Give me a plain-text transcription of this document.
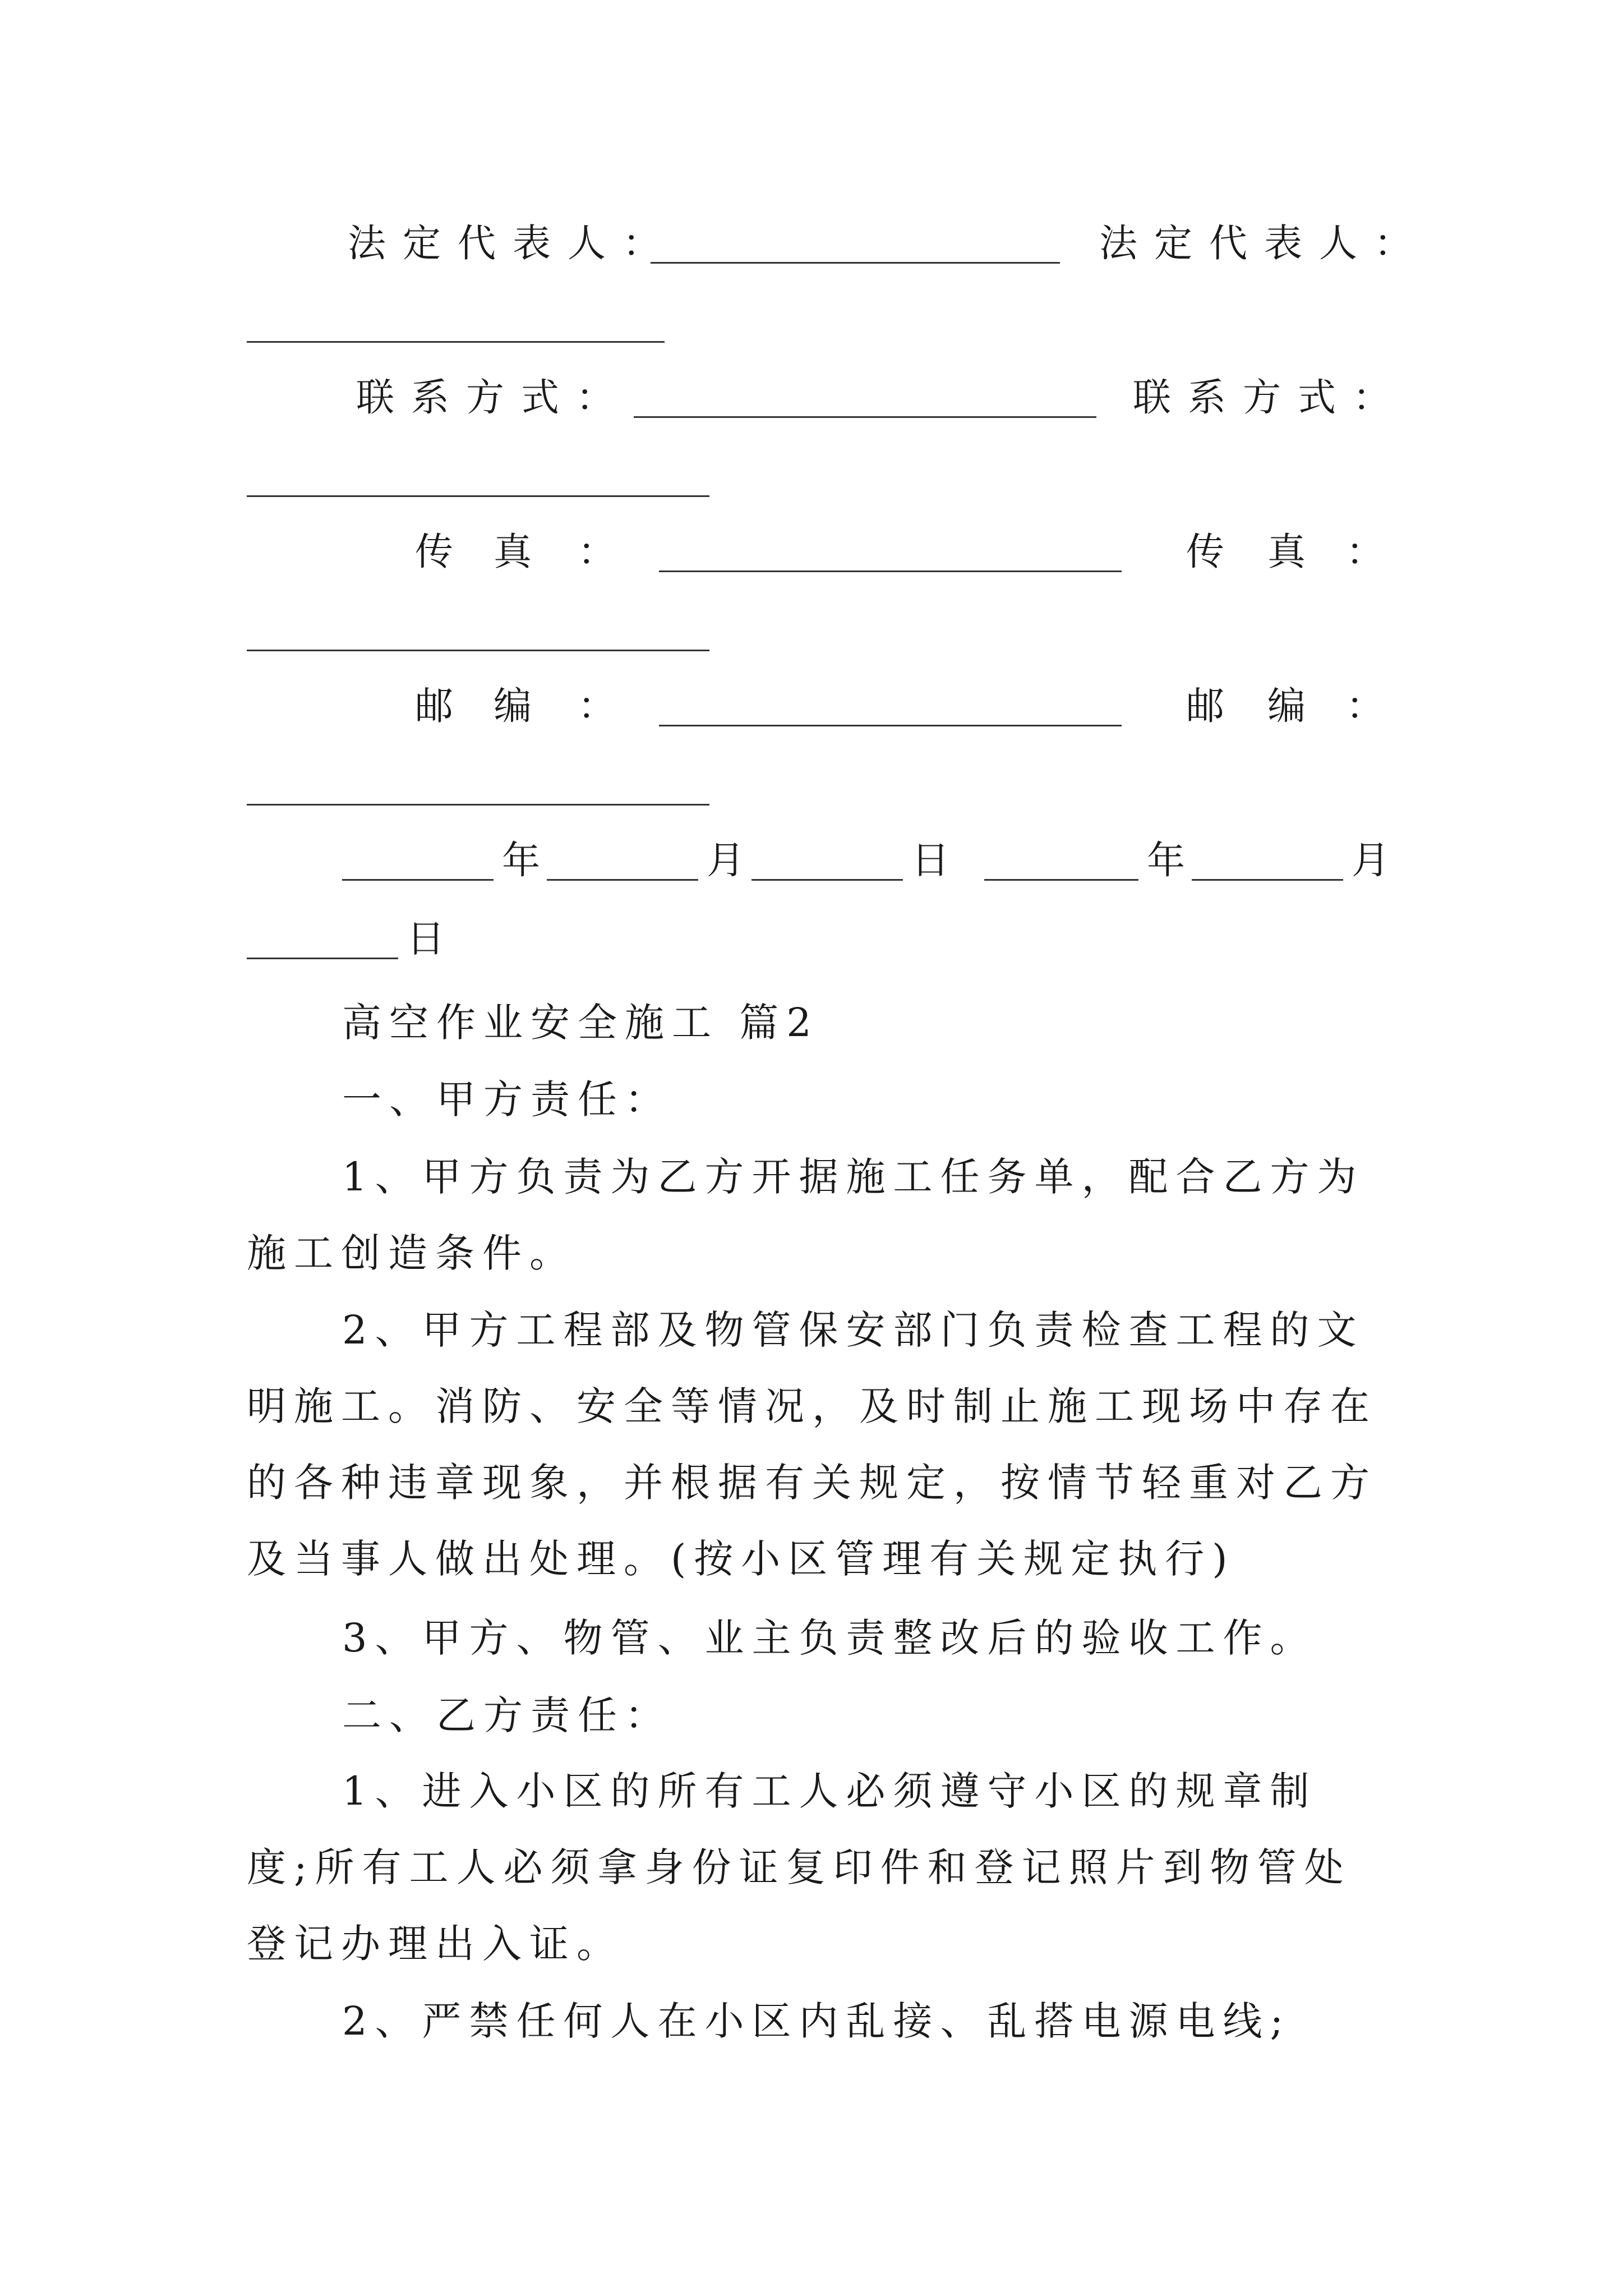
法定代表人：	法定代表人：
联系方式：	联系方式：
传 真 ：	传 真 ：
邮 编 ：	邮 编 ：
年	月	日	年	月
日
高空作业安全施工 篇2
一、甲方责任：
1、甲方负责为乙方开据施工任务单，配合乙方为施工创造条件。
2、甲方工程部及物管保安部门负责检查工程的文明施工。消防、安全等情况，及时制止施工现场中存在的各种违章现象，并根据有关规定，按情节轻重对乙方及当事人做出处理。(按小区管理有关规定执行)
3、甲方、物管、业主负责整改后的验收工作。
二、乙方责任：
1、进入小区的所有工人必须遵守小区的规章制度;所有工人必须拿身份证复印件和登记照片到物管处登记办理出入证。
2、严禁任何人在小区内乱接、乱搭电源电线;
